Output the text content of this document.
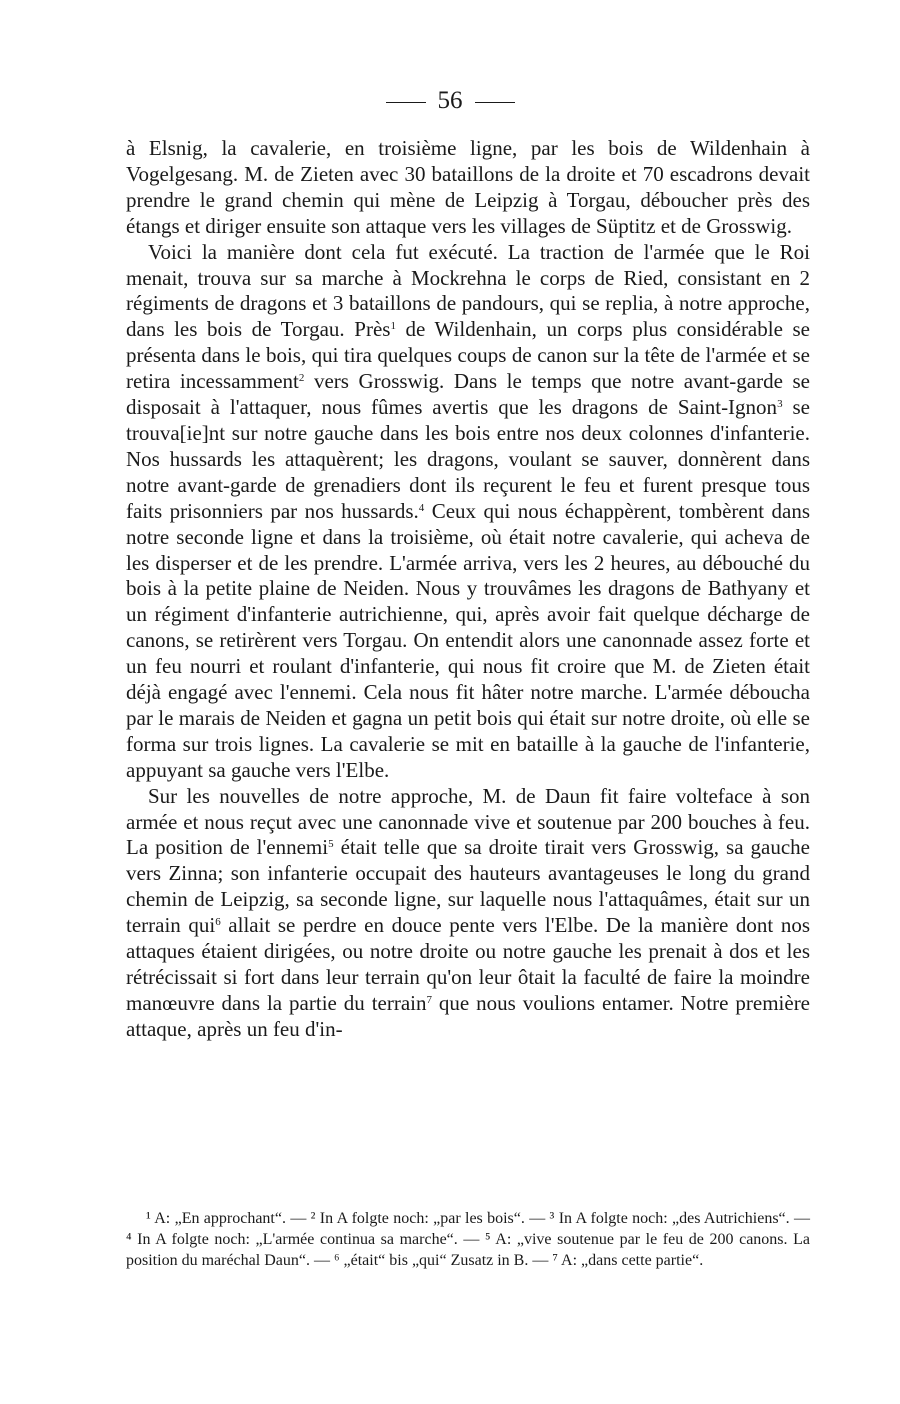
56

à Elsnig, la cavalerie, en troisième ligne, par les bois de Wildenhain à Vogelgesang. M. de Zieten avec 30 bataillons de la droite et 70 escadrons devait prendre le grand chemin qui mène de Leipzig à Torgau, déboucher près des étangs et diriger ensuite son attaque vers les villages de Süptitz et de Grosswig.

Voici la manière dont cela fut exécuté. La traction de l'armée que le Roi menait, trouva sur sa marche à Mockrehna le corps de Ried, consistant en 2 régiments de dragons et 3 bataillons de pandours, qui se replia, à notre approche, dans les bois de Torgau. Près$^1$ de Wildenhain, un corps plus considérable se présenta dans le bois, qui tira quelques coups de canon sur la tête de l'armée et se retira incessamment$^2$ vers Grosswig. Dans le temps que notre avant-garde se disposait à l'attaquer, nous fûmes avertis que les dragons de Saint-Ignon$^3$ se trouva[ie]nt sur notre gauche dans les bois entre nos deux colonnes d'infanterie. Nos hussards les attaquèrent; les dragons, voulant se sauver, donnèrent dans notre avant-garde de grenadiers dont ils reçurent le feu et furent presque tous faits prisonniers par nos hussards.$^4$ Ceux qui nous échappèrent, tombèrent dans notre seconde ligne et dans la troisième, où était notre cavalerie, qui acheva de les disperser et de les prendre. L'armée arriva, vers les 2 heures, au débouché du bois à la petite plaine de Neiden. Nous y trouvâmes les dragons de Bathyany et un régiment d'infanterie autrichienne, qui, après avoir fait quelque décharge de canons, se retirèrent vers Torgau. On entendit alors une canonnade assez forte et un feu nourri et roulant d'infanterie, qui nous fit croire que M. de Zieten était déjà engagé avec l'ennemi. Cela nous fit hâter notre marche. L'armée déboucha par le marais de Neiden et gagna un petit bois qui était sur notre droite, où elle se forma sur trois lignes. La cavalerie se mit en bataille à la gauche de l'infanterie, appuyant sa gauche vers l'Elbe.

Sur les nouvelles de notre approche, M. de Daun fit faire volteface à son armée et nous reçut avec une canonnade vive et soutenue par 200 bouches à feu. La position de l'ennemi$^5$ était telle que sa droite tirait vers Grosswig, sa gauche vers Zinna; son infanterie occupait des hauteurs avantageuses le long du grand chemin de Leipzig, sa seconde ligne, sur laquelle nous l'attaquâmes, était sur un terrain qui$^6$ allait se perdre en douce pente vers l'Elbe. De la manière dont nos attaques étaient dirigées, ou notre droite ou notre gauche les prenait à dos et les rétrécissait si fort dans leur terrain qu'on leur ôtait la faculté de faire la moindre manœuvre dans la partie du terrain$^7$ que nous voulions entamer. Notre première attaque, après un feu d'in-

¹ A: „En approchant“. — ² In A folgte noch: „par les bois“. — ³ In A folgte noch: „des Autrichiens“. — ⁴ In A folgte noch: „L'armée continua sa marche“. — ⁵ A: „vive soutenue par le feu de 200 canons. La position du maréchal Daun“. — ⁶ „était“ bis „qui“ Zusatz in B. — ⁷ A: „dans cette partie“.
